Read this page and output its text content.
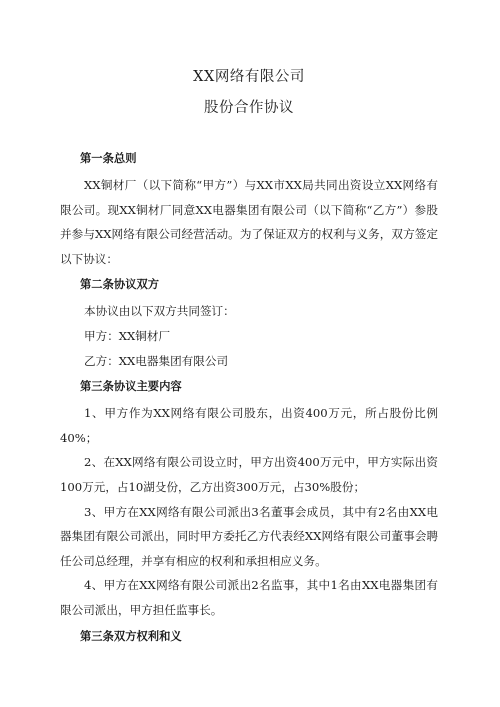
XX网络有限公司

股份合作协议

第一条总则

XX铜材厂（以下简称“甲方”）与XX市XX局共同出资设立XX网络有限公司。现XX铜材厂同意XX电器集团有限公司（以下简称“乙方”）参股并参与XX网络有限公司经营活动。为了保证双方的权利与义务，双方签定以下协议：

第二条协议双方

本协议由以下双方共同签订：

甲方：XX铜材厂

乙方：XX电器集团有限公司

第三条协议主要内容

1、甲方作为XX网络有限公司股东，出资400万元，所占股份比例40%；

2、在XX网络有限公司设立时，甲方出资400万元中，甲方实际出资100万元，占10湖殳份，乙方出资300万元，占30%股份；

3、甲方在XX网络有限公司派出3名董事会成员，其中有2名由XX电器集团有限公司派出，同时甲方委托乙方代表经XX网络有限公司董事会聘任公司总经理，并享有相应的权利和承担相应义务。

4、甲方在XX网络有限公司派出2名监事，其中1名由XX电器集团有限公司派出，甲方担任监事长。

第三条双方权利和义
